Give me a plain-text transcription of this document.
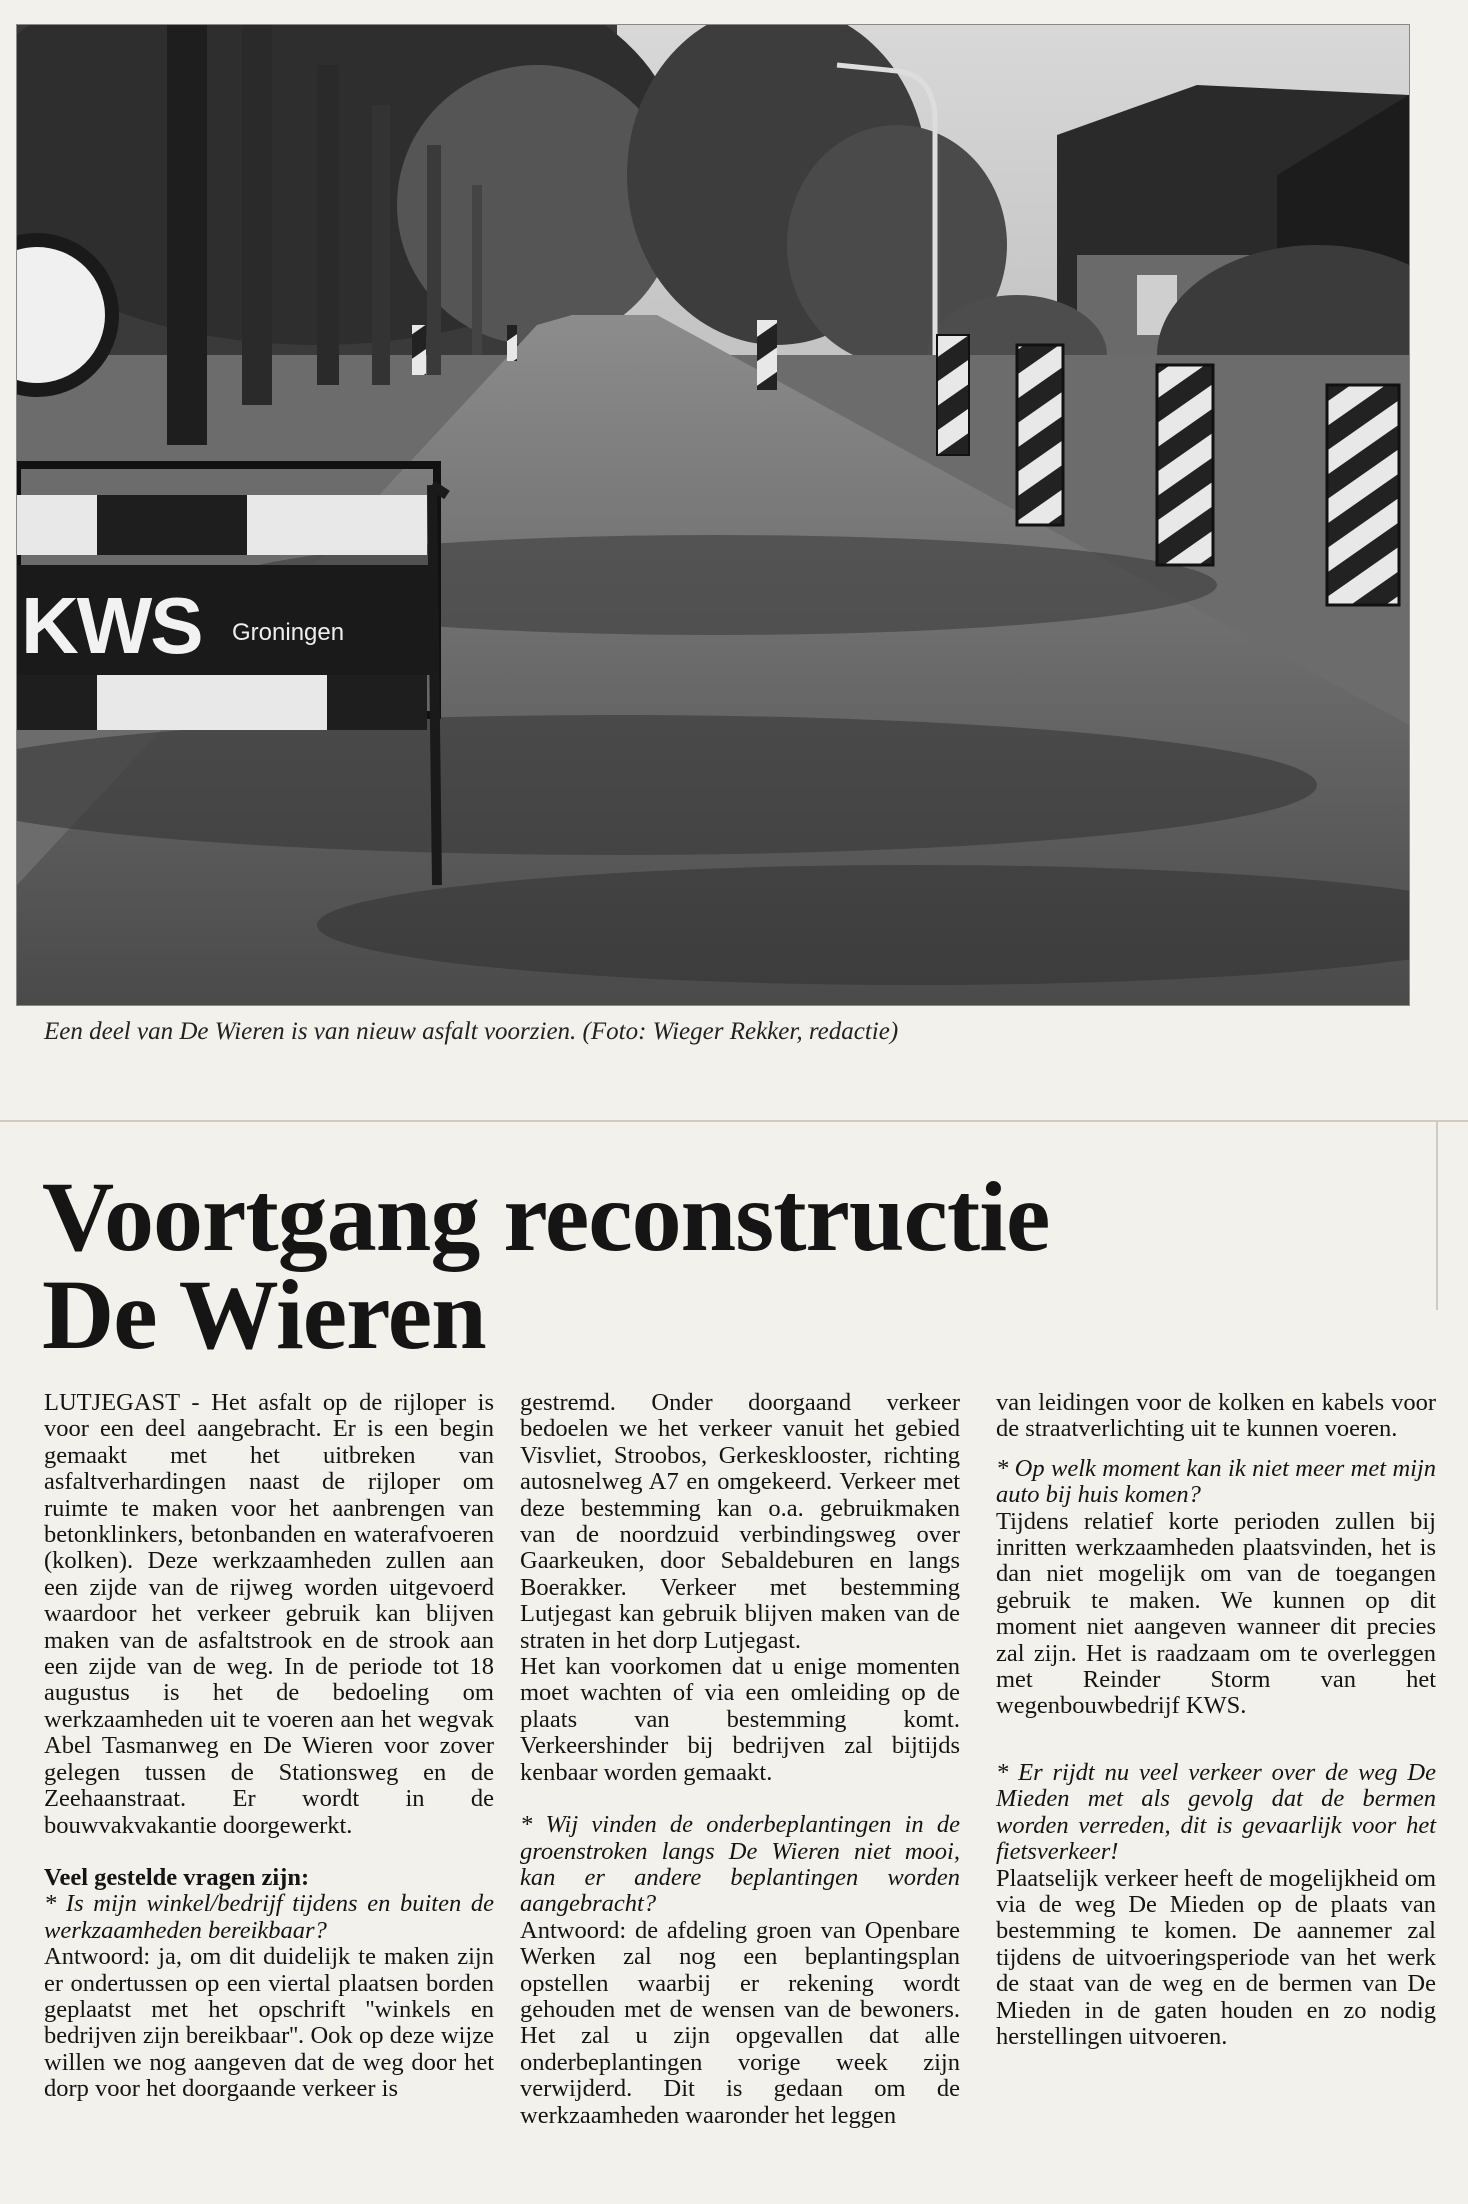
KWS Groningen
Een deel van De Wieren is van nieuw asfalt voorzien. (Foto: Wieger Rekker, redactie)
Voortgang reconstructie
De Wieren

LUTJEGAST - Het asfalt op de rijloper is voor een deel aangebracht. Er is een begin gemaakt met het uitbreken van asfaltverhardingen naast de rijloper om ruimte te maken voor het aanbrengen van betonklinkers, betonbanden en waterafvoeren (kolken). Deze werkzaamheden zullen aan een zijde van de rijweg worden uitgevoerd waardoor het verkeer gebruik kan blijven maken van de asfaltstrook en de strook aan een zijde van de weg. In de periode tot 18 augustus is het de bedoeling om werkzaamheden uit te voeren aan het wegvak Abel Tasmanweg en De Wieren voor zover gelegen tussen de Stationsweg en de Zeehaanstraat. Er wordt in de bouwvakvakantie doorgewerkt.

Veel gestelde vragen zijn:

* Is mijn winkel/bedrijf tijdens en buiten de werkzaamheden bereikbaar?

Antwoord: ja, om dit duidelijk te maken zijn er ondertussen op een viertal plaatsen borden geplaatst met het opschrift ''winkels en bedrijven zijn bereikbaar''. Ook op deze wijze willen we nog aangeven dat de weg door het dorp voor het doorgaande verkeer is

gestremd. Onder doorgaand verkeer bedoelen we het verkeer vanuit het gebied Visvliet, Stroobos, Gerkesklooster, richting autosnelweg A7 en omgekeerd. Verkeer met deze bestemming kan o.a. gebruikmaken van de noordzuid verbindingsweg over Gaarkeuken, door Sebaldeburen en langs Boerakker. Verkeer met bestemming Lutjegast kan gebruik blijven maken van de straten in het dorp Lutjegast.

Het kan voorkomen dat u enige momenten moet wachten of via een omleiding op de plaats van bestemming komt. Verkeershinder bij bedrijven zal bijtijds kenbaar worden gemaakt.

* Wij vinden de onderbeplantingen in de groenstroken langs De Wieren niet mooi, kan er andere beplantingen worden aangebracht?

Antwoord: de afdeling groen van Openbare Werken zal nog een beplantingsplan opstellen waarbij er rekening wordt gehouden met de wensen van de bewoners. Het zal u zijn opgevallen dat alle onderbeplantingen vorige week zijn verwijderd. Dit is gedaan om de werkzaamheden waaronder het leggen

van leidingen voor de kolken en kabels voor de straatverlichting uit te kunnen voeren.

* Op welk moment kan ik niet meer met mijn auto bij huis komen?

Tijdens relatief korte perioden zullen bij inritten werkzaamheden plaatsvinden, het is dan niet mogelijk om van de toegangen gebruik te maken. We kunnen op dit moment niet aangeven wanneer dit precies zal zijn. Het is raadzaam om te overleggen met Reinder Storm van het wegenbouwbedrijf KWS.

* Er rijdt nu veel verkeer over de weg De Mieden met als gevolg dat de bermen worden verreden, dit is gevaarlijk voor het fietsverkeer!

Plaatselijk verkeer heeft de mogelijkheid om via de weg De Mieden op de plaats van bestemming te komen. De aannemer zal tijdens de uitvoeringsperiode van het werk de staat van de weg en de bermen van De Mieden in de gaten houden en zo nodig herstellingen uitvoeren.
